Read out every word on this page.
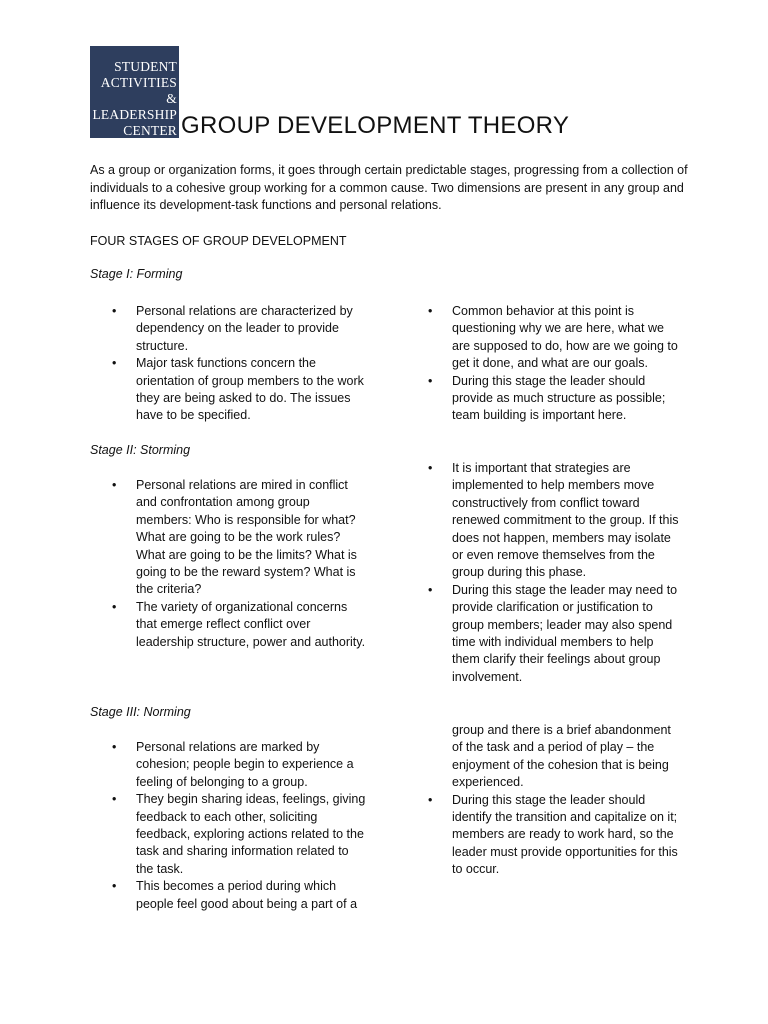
STUDENT
ACTIVITIES &
LEADERSHIP
CENTER GROUP DEVELOPMENT THEORY

As a group or organization forms, it goes through certain predictable stages, progressing from a collection of individuals to a cohesive group working for a common cause. Two dimensions are present in any group and influence its development-task functions and personal relations.

FOUR STAGES OF GROUP DEVELOPMENT

Stage I: Forming

• Personal relations are characterized by dependency on the leader to provide structure.
• Major task functions concern the orientation of group members to the work they are being asked to do. The issues have to be specified.
• Common behavior at this point is questioning why we are here, what we are supposed to do, how are we going to get it done, and what are our goals.
• During this stage the leader should provide as much structure as possible; team building is important here.

Stage II: Storming

• Personal relations are mired in conflict and confrontation among group members: Who is responsible for what? What are going to be the work rules? What are going to be the limits? What is going to be the reward system? What is the criteria?
• The variety of organizational concerns that emerge reflect conflict over leadership structure, power and authority.
• It is important that strategies are implemented to help members move constructively from conflict toward renewed commitment to the group. If this does not happen, members may isolate or even remove themselves from the group during this phase.
• During this stage the leader may need to provide clarification or justification to group members; leader may also spend time with individual members to help them clarify their feelings about group involvement.

Stage III: Norming

• Personal relations are marked by cohesion; people begin to experience a feeling of belonging to a group.
• They begin sharing ideas, feelings, giving feedback to each other, soliciting feedback, exploring actions related to the task and sharing information related to the task.
• This becomes a period during which people feel good about being a part of a
group and there is a brief abandonment of the task and a period of play – the enjoyment of the cohesion that is being experienced.
• During this stage the leader should identify the transition and capitalize on it; members are ready to work hard, so the leader must provide opportunities for this to occur.
